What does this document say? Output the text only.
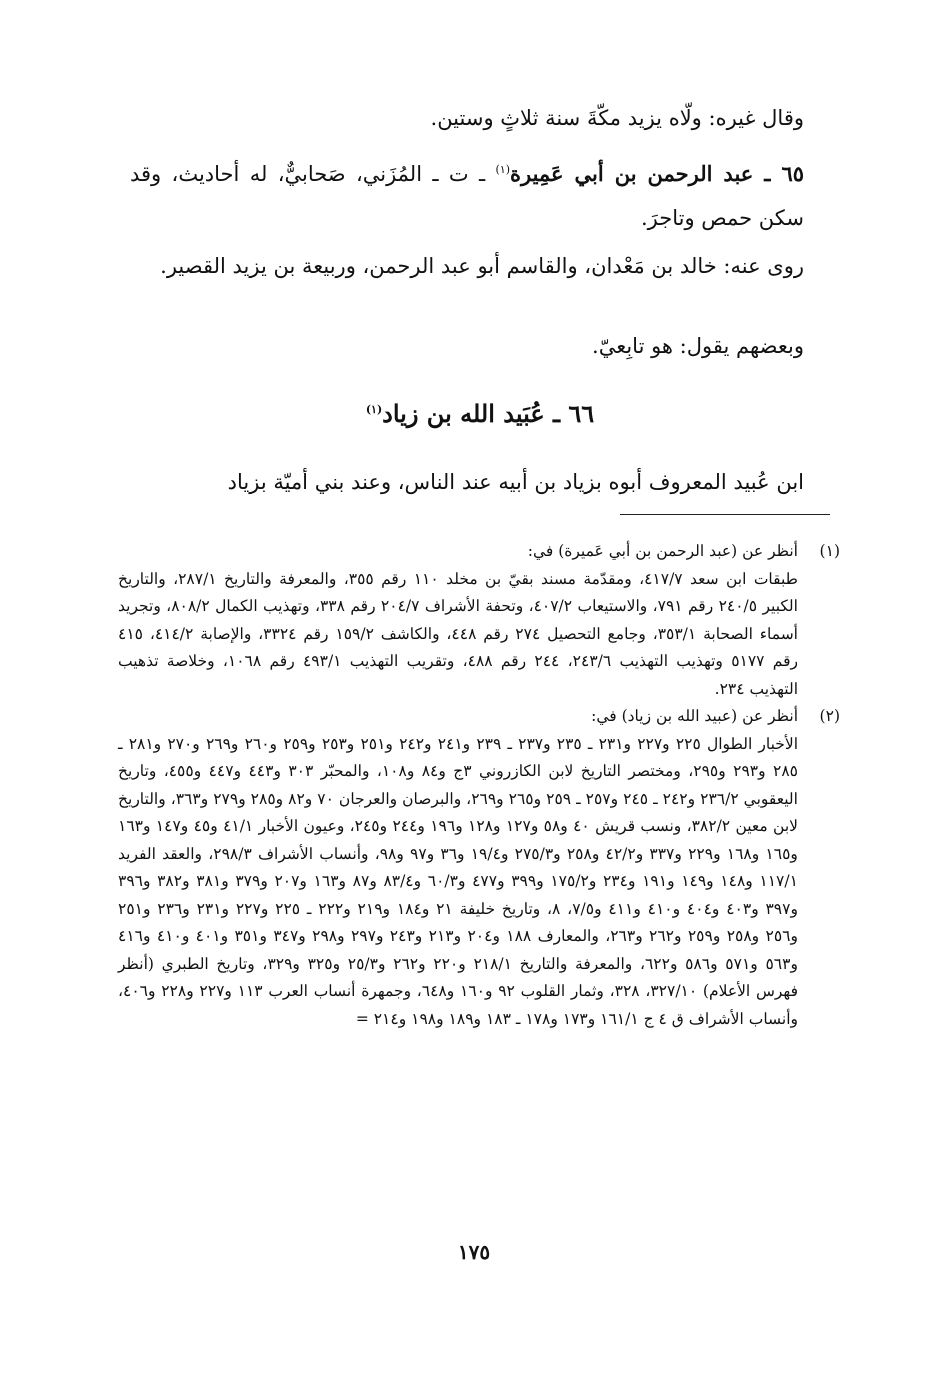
وقال غيره: ولّاه يزيد مكّةَ سنة ثلاثٍ وستين.
٦٥ ـ عبد الرحمن بن أبي عَمِيرة$^{(١)}$ ـ ت ـ المُزَني، صَحابيٌّ، له أحاديث، وقد سكن حمص وتاجرَ.
روى عنه: خالد بن مَعْدان، والقاسم أبو عبد الرحمن، وربيعة بن يزيد القصير.
وبعضهم يقول: هو تابِعيّ.
٦٦ ـ عُبَيد الله بن زياد$^{(١)}$
ابن عُبيد المعروف أبوه بزياد بن أبيه عند الناس، وعند بني أميّة بزياد
(١)
أنظر عن (عبد الرحمن بن أبي عَميرة) في:
طبقات ابن سعد ٤١٧/٧، ومقدّمة مسند بقيّ بن مخلد ١١٠ رقم ٣٥٥، والمعرفة والتاريخ ٢٨٧/١، والتاريخ الكبير ٢٤٠/٥ رقم ٧٩١، والاستيعاب ٤٠٧/٢، وتحفة الأشراف ٢٠٤/٧ رقم ٣٣٨، وتهذيب الكمال ٨٠٨/٢، وتجريد أسماء الصحابة ٣٥٣/١، وجامع التحصيل ٢٧٤ رقم ٤٤٨، والكاشف ١٥٩/٢ رقم ٣٣٢٤، والإصابة ٤١٤/٢، ٤١٥ رقم ٥١٧٧ وتهذيب التهذيب ٢٤٣/٦، ٢٤٤ رقم ٤٨٨، وتقريب التهذيب ٤٩٣/١ رقم ١٠٦٨، وخلاصة تذهيب التهذيب ٢٣٤.
(٢)
أنظر عن (عبيد الله بن زياد) في:
الأخبار الطوال ٢٢٥ و٢٢٧ و٢٣١ ـ ٢٣٥ و٢٣٧ ـ ٢٣٩ و٢٤١ و٢٤٢ و٢٥١ و٢٥٣ و٢٥٩ و٢٦٠ و٢٦٩ و٢٧٠ و٢٨١ ـ ٢٨٥ و٢٩٣ و٢٩٥، ومختصر التاريخ لابن الكازروني ٣ج و٨٤ و١٠٨، والمحبّر ٣٠٣ و٤٤٣ و٤٤٧ و٤٥٥، وتاريخ اليعقوبي ٢٣٦/٢ و٢٤٢ ـ ٢٤٥ و٢٥٧ ـ ٢٥٩ و٢٦٥ و٢٦٩، والبرصان والعرجان ٧٠ و٨٢ و٢٨٥ و٢٧٩ و٣٦٣، والتاريخ لابن معين ٣٨٢/٢، ونسب قريش ٤٠ و٥٨ و١٢٧ و١٢٨ و١٩٦ و٢٤٤ و٢٤٥، وعيون الأخبار ٤١/١ و٤٥ و١٤٧ و١٦٣ و١٦٥ و١٦٨ و٢٢٩ و٣٣٧ و٤٢/٢ و٢٥٨ و٢٧٥/٣ و١٩/٤ و٣٦ و٩٧ و٩٨، وأنساب الأشراف ٢٩٨/٣، والعقد الفريد ١١٧/١ و١٤٨ و١٤٩ و١٩١ و٢٣٤ و١٧٥/٢ و٣٩٩ و٤٧٧ و٦٠/٣ و٨٣/٤ و٨٧ و١٦٣ و٢٠٧ و٣٧٩ و٣٨١ و٣٨٢ و٣٩٦ و٣٩٧ و٤٠٣ و٤٠٤ و٤١٠ و٤١١ و٧/٥، ٨، وتاريخ خليفة ٢١ و١٨٤ و٢١٩ و٢٢٢ ـ ٢٢٥ و٢٢٧ و٢٣١ و٢٣٦ و٢٥١ و٢٥٦ و٢٥٨ و٢٥٩ و٢٦٢ و٢٦٣، والمعارف ١٨٨ و٢٠٤ و٢١٣ و٢٤٣ و٢٩٧ و٢٩٨ و٣٤٧ و٣٥١ و٤٠١ و٤١٠ و٤١٦ و٥٦٣ و٥٧١ و٥٨٦ و٦٢٢، والمعرفة والتاريخ ٢١٨/١ و٢٢٠ و٢٦٢ و٢٥/٣ و٣٢٥ و٣٢٩، وتاريخ الطبري (أنظر فهرس الأعلام) ٣٢٧/١٠، ٣٢٨، وثمار القلوب ٩٢ و١٦٠ و٦٤٨، وجمهرة أنساب العرب ١١٣ و٢٢٧ و٢٢٨ و٤٠٦، وأنساب الأشراف ق ٤ ج ١٦١/١ و١٧٣ و١٧٨ ـ ١٨٣ و١٨٩ و١٩٨ و٢١٤ =
١٧٥
